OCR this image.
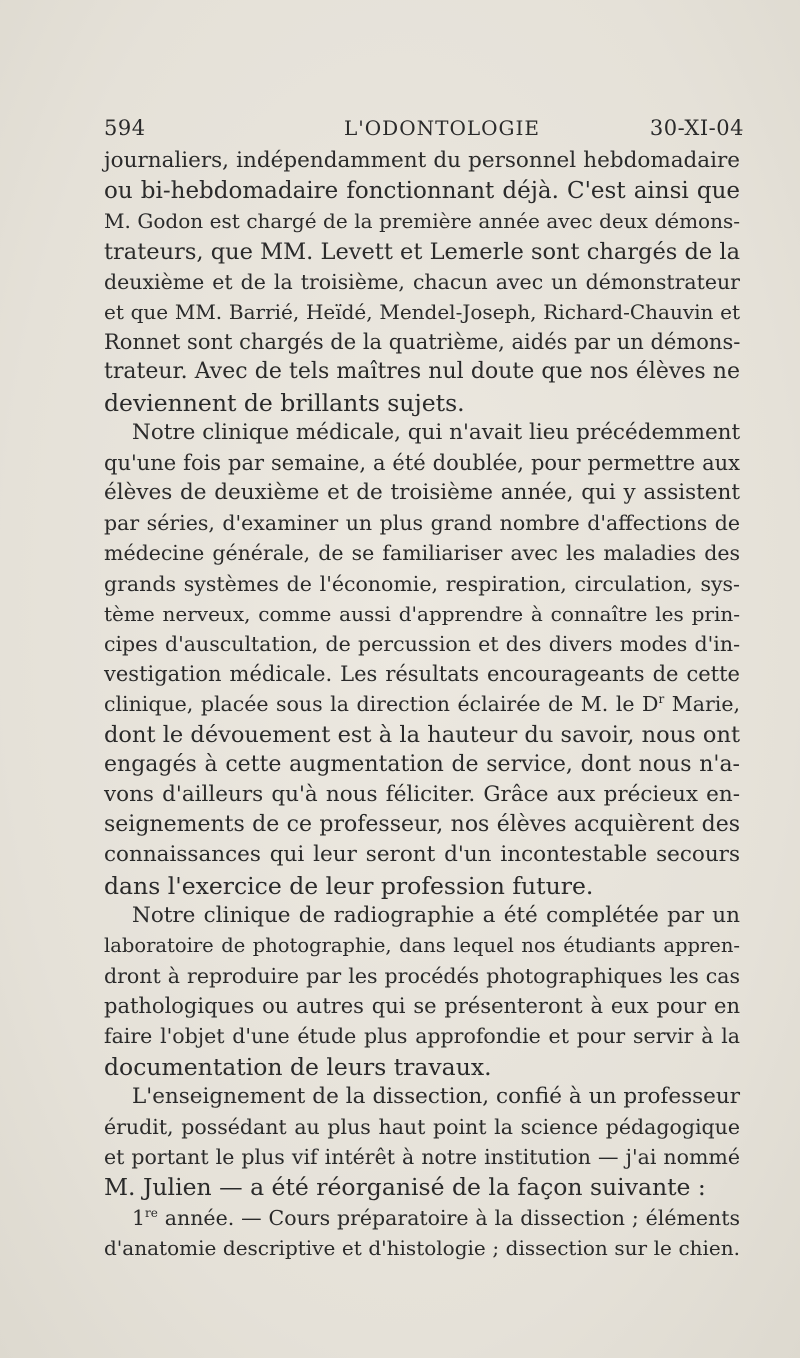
594	L'ODONTOLOGIE	30-XI-04
journaliers, indépendamment du personnel hebdomadaire
ou bi-hebdomadaire fonctionnant déjà. C'est ainsi que
M. Godon est chargé de la première année avec deux démons-
trateurs, que MM. Levett et Lemerle sont chargés de la
deuxième et de la troisième, chacun avec un démonstrateur
et que MM. Barrié, Heïdé, Mendel-Joseph, Richard-Chauvin et
Ronnet sont chargés de la quatrième, aidés par un démons-
trateur. Avec de tels maîtres nul doute que nos élèves ne
deviennent de brillants sujets.
Notre clinique médicale, qui n'avait lieu précédemment
qu'une fois par semaine, a été doublée, pour permettre aux
élèves de deuxième et de troisième année, qui y assistent
par séries, d'examiner un plus grand nombre d'affections de
médecine générale, de se familiariser avec les maladies des
grands systèmes de l'économie, respiration, circulation, sys-
tème nerveux, comme aussi d'apprendre à connaître les prin-
cipes d'auscultation, de percussion et des divers modes d'in-
vestigation médicale. Les résultats encourageants de cette
clinique, placée sous la direction éclairée de M. le $D^r$ Marie,
dont le dévouement est à la hauteur du savoir, nous ont
engagés à cette augmentation de service, dont nous n'a-
vons d'ailleurs qu'à nous féliciter. Grâce aux précieux en-
seignements de ce professeur, nos élèves acquièrent des
connaissances qui leur seront d'un incontestable secours
dans l'exercice de leur profession future.
Notre clinique de radiographie a été complétée par un
laboratoire de photographie, dans lequel nos étudiants appren-
dront à reproduire par les procédés photographiques les cas
pathologiques ou autres qui se présenteront à eux pour en
faire l'objet d'une étude plus approfondie et pour servir à la
documentation de leurs travaux.
L'enseignement de la dissection, confié à un professeur
érudit, possédant au plus haut point la science pédagogique
et portant le plus vif intérêt à notre institution — j'ai nommé
M. Julien — a été réorganisé de la façon suivante :
1re année. — Cours préparatoire à la dissection ; éléments
d'anatomie descriptive et d'histologie ; dissection sur le chien.
